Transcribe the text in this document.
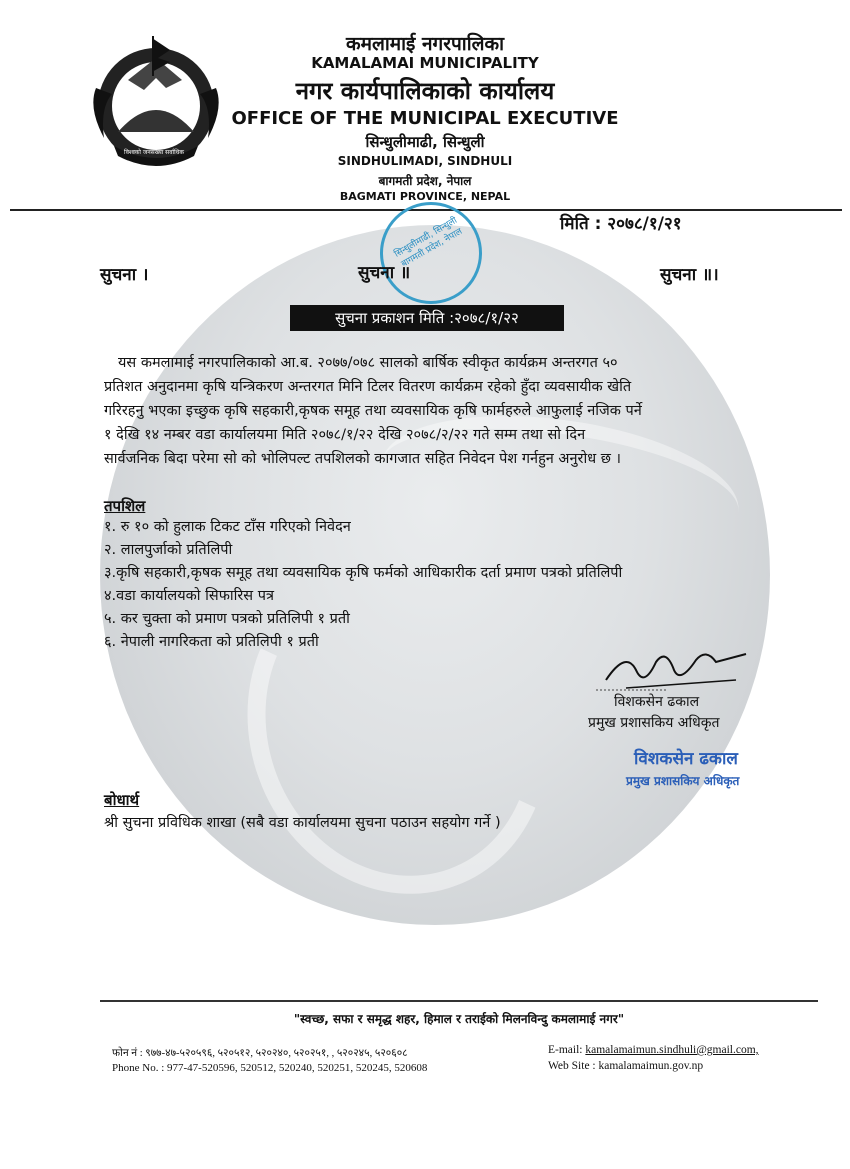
विश्वको जनसंख्या सर्वाधिक
कमलामाई नगरपालिका
KAMALAMAI MUNICIPALITY
नगर कार्यपालिकाको कार्यालय
OFFICE OF THE MUNICIPAL EXECUTIVE
सिन्धुलीमाढी, सिन्धुली
SINDHULIMADI, SINDHULI
बागमती प्रदेश, नेपाल
BAGMATI PROVINCE, NEPAL
मिति : २०७८/१/२१
सिन्धुलीमाढी, सिन्धुली बागमती प्रदेश, नेपाल
सुचना ।	सुचना ॥	सुचना ॥।
सुचना प्रकाशन मिति :२०७८/१/२२
यस कमलामाई नगरपालिकाको आ.ब. २०७७/०७८ सालको बार्षिक स्वीकृत कार्यक्रम अन्तरगत ५०
प्रतिशत अनुदानमा कृषि यन्त्रिकरण अन्तरगत मिनि टिलर वितरण कार्यक्रम रहेको हुँदा व्यवसायीक खेति
गरिरहनु भएका इच्छुक कृषि सहकारी,कृषक समूह तथा व्यवसायिक कृषि फार्महरुले आफुलाई नजिक पर्ने
१ देखि १४ नम्बर वडा कार्यालयमा मिति २०७८/१/२२ देखि २०७८/२/२२ गते सम्म तथा सो दिन
सार्वजनिक बिदा परेमा सो को भोलिपल्ट तपशिलको कागजात सहित निवेदन पेश गर्नहुन अनुरोध छ ।
तपशिल
१. रु १० को हुलाक टिकट टाँस गरिएको निवेदन
२. लालपुर्जाको प्रतिलिपी
३.कृषि सहकारी,कृषक समूह तथा व्यवसायिक कृषि फर्मको आधिकारीक दर्ता प्रमाण पत्रको प्रतिलिपी
४.वडा कार्यालयको सिफारिस पत्र
५. कर चुक्ता को प्रमाण पत्रको प्रतिलिपी १ प्रती
६. नेपाली नागरिकता को प्रतिलिपी १ प्रती
विशकसेन ढकाल
प्रमुख प्रशासकिय अधिकृत
विशकसेन ढकाल
प्रमुख प्रशासकिय अधिकृत
बोधार्थ
श्री सुचना प्रविधिक शाखा (सबै वडा कार्यालयमा सुचना पठाउन सहयोग गर्ने )
"स्वच्छ, सफा र समृद्ध शहर, हिमाल र तराईको मिलनविन्दु कमलामाई नगर"
फोन नं : ९७७-४७-५२०५९६, ५२०५१२, ५२०२४०, ५२०२५१, , ५२०२४५, ५२०६०८
Phone No. : 977-47-520596, 520512, 520240, 520251, 520245, 520608
E-mail: kamalamaimun.sindhuli@gmail.com,
Web Site : kamalamaimun.gov.np
